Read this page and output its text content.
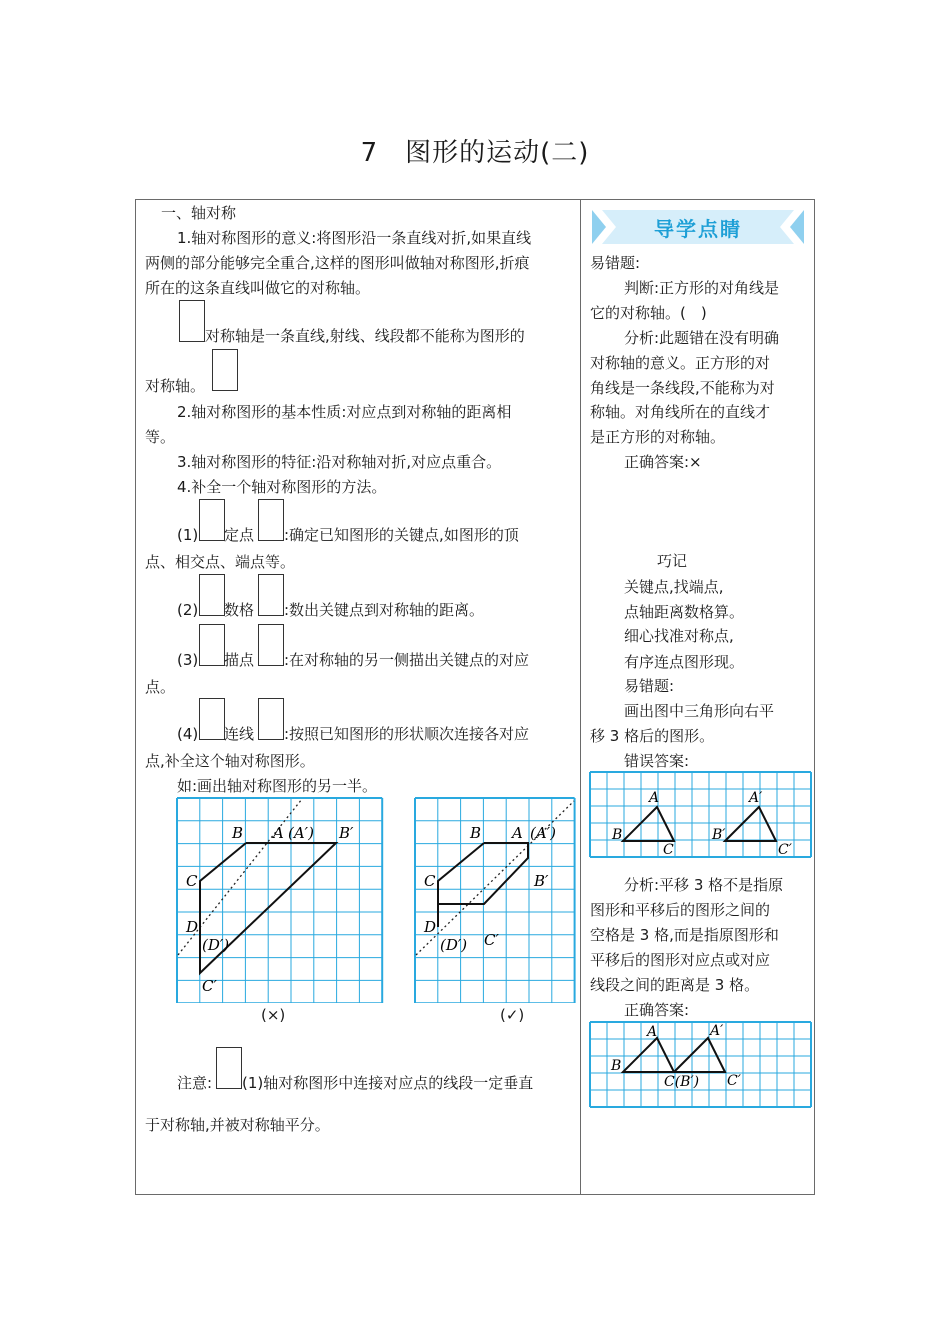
7　图形的运动(二)
一、轴对称
1.轴对称图形的意义:将图形沿一条直线对折,如果直线
两侧的部分能够完全重合,这样的图形叫做轴对称图形,折痕
所在的这条直线叫做它的对称轴。
对称轴是一条直线,射线、线段都不能称为图形的
对称轴。
2.轴对称图形的基本性质:对应点到对称轴的距离相
等。
3.轴对称图形的特征:沿对称轴对折,对应点重合。
4.补全一个轴对称图形的方法。
(1) 定点 :确定已知图形的关键点,如图形的顶
点、相交点、端点等。
(2) 数格 :数出关键点到对称轴的距离。
(3) 描点 :在对称轴的另一侧描出关键点的对应
点。
(4) 连线 :按照已知图形的形状顺次连接各对应
点,补全这个轴对称图形。
如:画出轴对称图形的另一半。
B A (A′) B′
C
D
(D′)
C′
(×)
B A (A′)
B′
C
D
(D′) C′
(✓)
注意: (1)轴对称图形中连接对应点的线段一定垂直
于对称轴,并被对称轴平分。
导学点睛
易错题:
判断:正方形的对角线是
它的对称轴。(　)
分析:此题错在没有明确
对称轴的意义。正方形的对
角线是一条线段,不能称为对
称轴。对角线所在的直线才
是正方形的对称轴。
正确答案:×
巧记
关键点,找端点,
点轴距离数格算。
细心找准对称点,
有序连点图形现。
易错题:
画出图中三角形向右平
移 3 格后的图形。
错误答案:
A
B
C
A′
B′
C′
分析:平移 3 格不是指原
图形和平移后的图形之间的
空格是 3 格,而是指原图形和
平移后的图形对应点或对应
线段之间的距离是 3 格。
正确答案:
A
B
C(B′)
A′
C′
